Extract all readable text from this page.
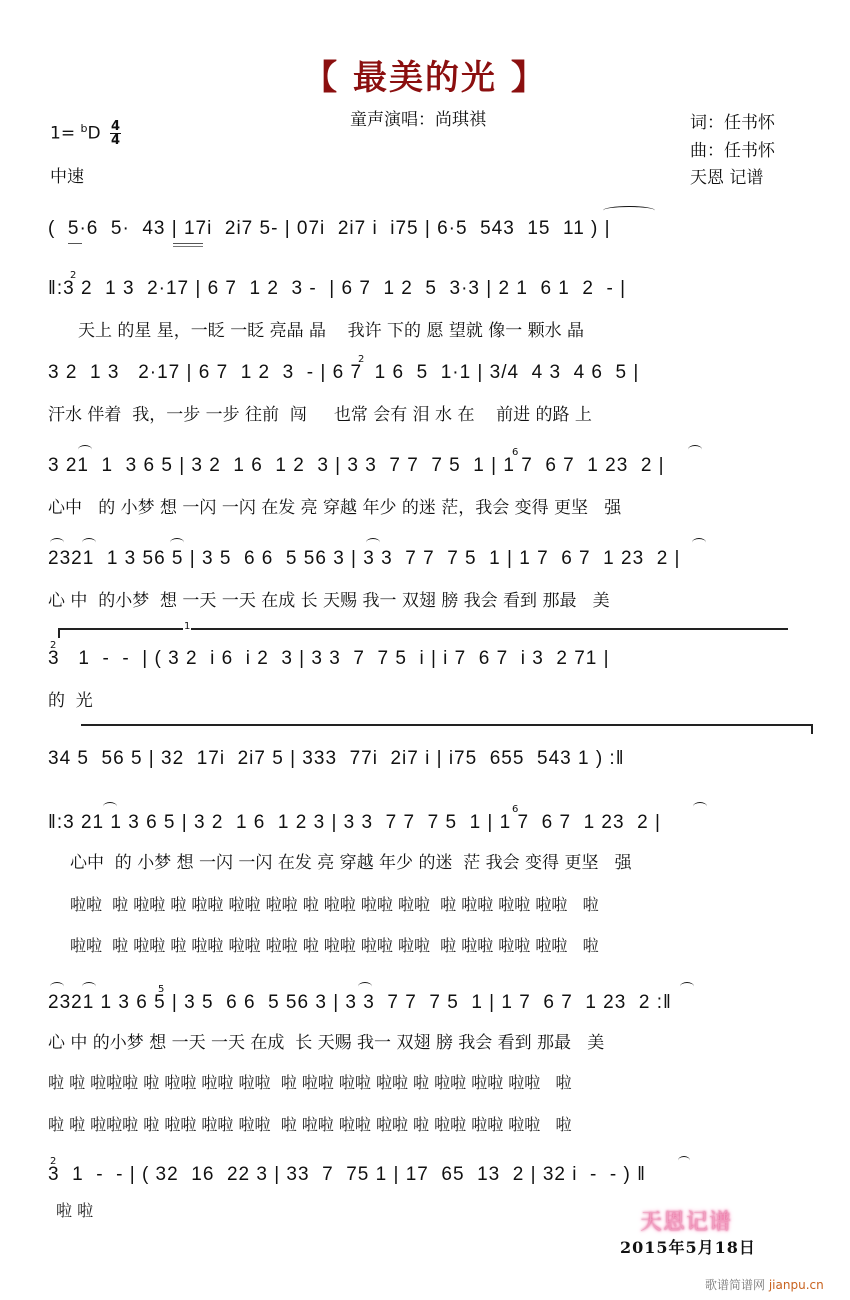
【 最美的光 】
童声演唱：尚琪祺
$1= ^bD \frac{4}{4}$
中速
词：任书怀
曲：任书怀
天恩 记谱
(  5·6  5·  43 | 17i  2i7 5- | 07i  2i7 i  i75 | 6·5  543  15  11 ) |
‖:3 2  1 3  2·17 | 6 7  1 2  3 -  | 6 7  1 2  5  3·3 | 2 1  6 1  2  - |
2
天上 的星 星，一眨 一眨 亮晶 晶    我许 下的 愿 望就 像一 颗水 晶
3 2  1 3   2·17 | 6 7  1 2  3  - | 6 7  1 6  5  1·1 | 3/4  4 3  4 6  5 |
2
汗水 伴着  我，一步 一步 往前  闯     也常 会有 泪 水 在    前进 的路 上
3 21  1  3 6 5 | 3 2  1 6  1 2  3 | 3 3  7 7  7 5  1 | 1 7  6 7  1 23  2 |
6
心中   的 小梦 想 一闪 一闪 在发 亮 穿越 年少 的迷 茫，我会 变得 更坚   强
2321  1 3 56 5 | 3 5  6 6  5 56 3 | 3 3  7 7  7 5  1 | 1 7  6 7  1 23  2 |
心 中  的小梦  想 一天 一天 在成 长 天赐 我一 双翅 膀 我会 看到 那最   美
1
3   1  -  -  | ( 3 2  i 6  i 2  3 | 3 3  7  7 5  i | i 7  6 7  i 3  2 71 |
2
的  光
34 5  56 5 | 32  17i  2i7 5 | 333  77i  2i7 i | i75  655  543 1 ) :‖
‖:3 21 1 3 6 5 | 3 2  1 6  1 2 3 | 3 3  7 7  7 5  1 | 1 7  6 7  1 23  2 |
6
心中  的 小梦 想 一闪 一闪 在发 亮 穿越 年少 的迷  茫 我会 变得 更坚   强
啦啦  啦 啦啦 啦 啦啦 啦啦 啦啦 啦 啦啦 啦啦 啦啦  啦 啦啦 啦啦 啦啦   啦
啦啦  啦 啦啦 啦 啦啦 啦啦 啦啦 啦 啦啦 啦啦 啦啦  啦 啦啦 啦啦 啦啦   啦
2321 1 3 6 5 | 3 5  6 6  5 56 3 | 3 3  7 7  7 5  1 | 1 7  6 7  1 23  2 :‖
5
心 中 的小梦 想 一天 一天 在成  长 天赐 我一 双翅 膀 我会 看到 那最   美
啦 啦 啦啦啦 啦 啦啦 啦啦 啦啦  啦 啦啦 啦啦 啦啦 啦 啦啦 啦啦 啦啦   啦
啦 啦 啦啦啦 啦 啦啦 啦啦 啦啦  啦 啦啦 啦啦 啦啦 啦 啦啦 啦啦 啦啦   啦
3  1  -  - | ( 32  16  22 3 | 33  7  75 1 | 17  65  13  2 | 32 i  -  - ) ‖
2
啦 啦	天恩记谱
2015年5月18日
歌谱简谱网 jianpu.cn
